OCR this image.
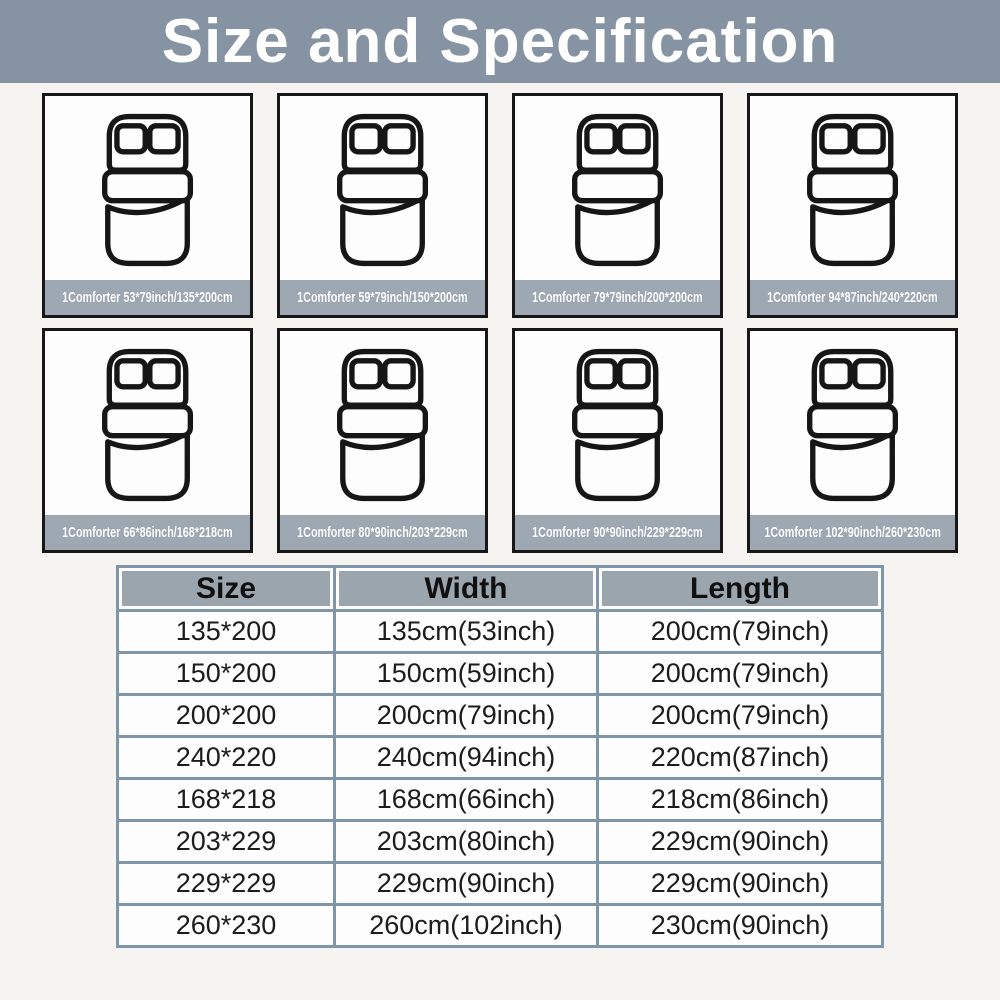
Size and Specification
1Comforter 53*79inch/135*200cm	1Comforter 59*79inch/150*200cm	1Comforter 79*79inch/200*200cm	1Comforter 94*87inch/240*220cm
1Comforter 66*86inch/168*218cm	1Comforter 80*90inch/203*229cm	1Comforter 90*90inch/229*229cm	1Comforter 102*90inch/260*230cm
Size	Width	Length

135*200	135cm(53inch)	200cm(79inch)
150*200	150cm(59inch)	200cm(79inch)
200*200	200cm(79inch)	200cm(79inch)
240*220	240cm(94inch)	220cm(87inch)
168*218	168cm(66inch)	218cm(86inch)
203*229	203cm(80inch)	229cm(90inch)
229*229	229cm(90inch)	229cm(90inch)
260*230	260cm(102inch)	230cm(90inch)
